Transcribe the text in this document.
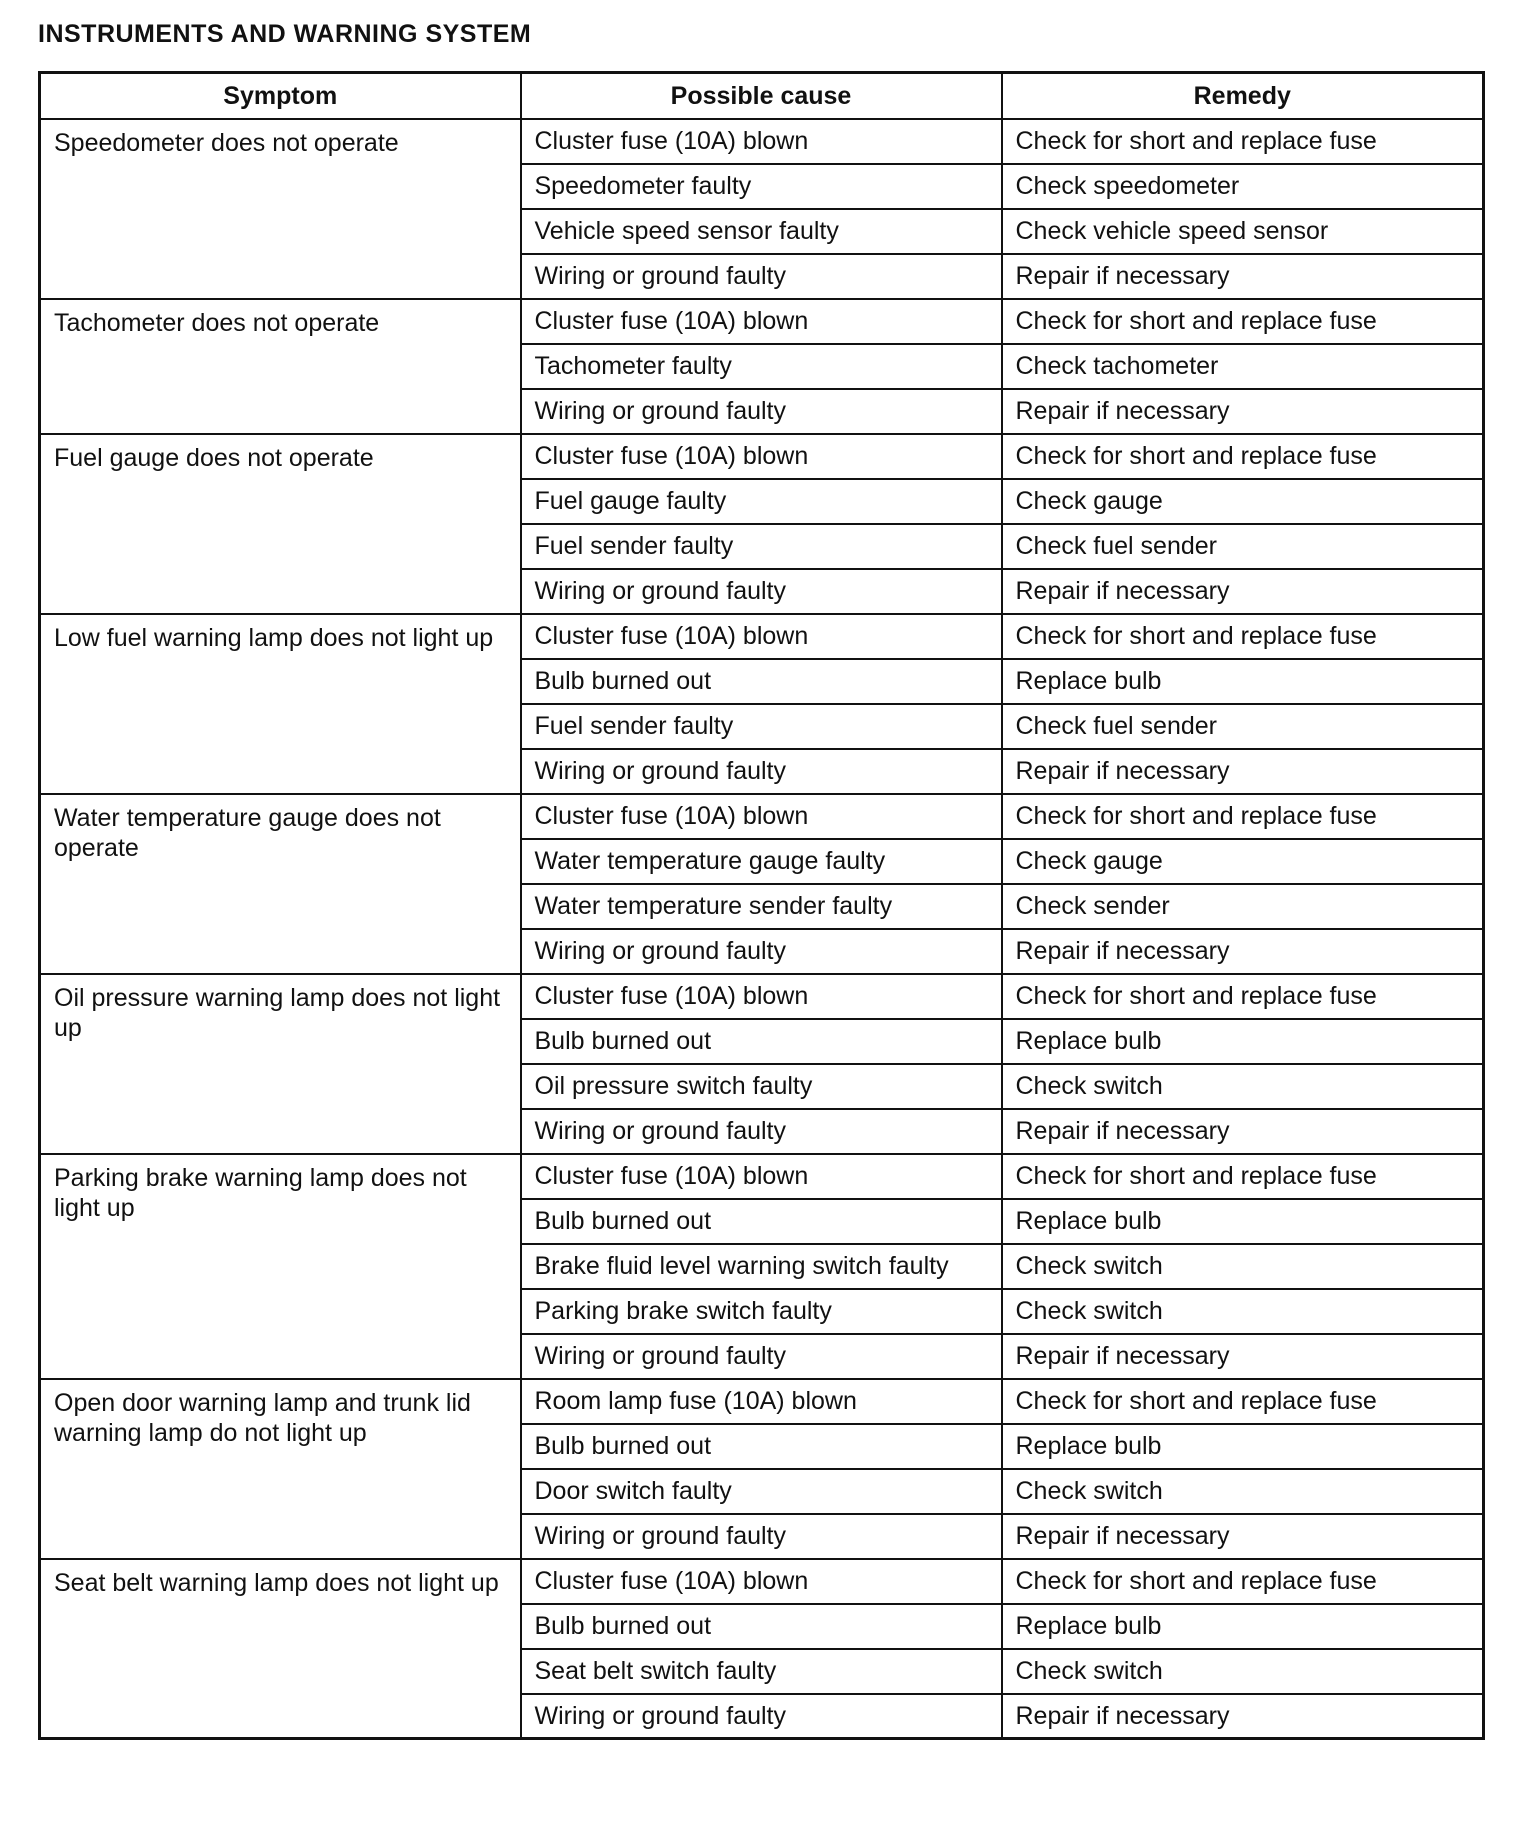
INSTRUMENTS AND WARNING SYSTEM
Symptom	Possible cause	Remedy
Speedometer does not operate	Cluster fuse (10A) blown	Check for short and replace fuse
	Speedometer faulty	Check speedometer
	Vehicle speed sensor faulty	Check vehicle speed sensor
	Wiring or ground faulty	Repair if necessary
Tachometer does not operate	Cluster fuse (10A) blown	Check for short and replace fuse
	Tachometer faulty	Check tachometer
	Wiring or ground faulty	Repair if necessary
Fuel gauge does not operate	Cluster fuse (10A) blown	Check for short and replace fuse
	Fuel gauge faulty	Check gauge
	Fuel sender faulty	Check fuel sender
	Wiring or ground faulty	Repair if necessary
Low fuel warning lamp does not light up	Cluster fuse (10A) blown	Check for short and replace fuse
	Bulb burned out	Replace bulb
	Fuel sender faulty	Check fuel sender
	Wiring or ground faulty	Repair if necessary
Water temperature gauge does not operate	Cluster fuse (10A) blown	Check for short and replace fuse
	Water temperature gauge faulty	Check gauge
	Water temperature sender faulty	Check sender
	Wiring or ground faulty	Repair if necessary
Oil pressure warning lamp does not light up	Cluster fuse (10A) blown	Check for short and replace fuse
	Bulb burned out	Replace bulb
	Oil pressure switch faulty	Check switch
	Wiring or ground faulty	Repair if necessary
Parking brake warning lamp does not light up	Cluster fuse (10A) blown	Check for short and replace fuse
	Bulb burned out	Replace bulb
	Brake fluid level warning switch faulty	Check switch
	Parking brake switch faulty	Check switch
	Wiring or ground faulty	Repair if necessary
Open door warning lamp and trunk lid warning lamp do not light up	Room lamp fuse (10A) blown	Check for short and replace fuse
	Bulb burned out	Replace bulb
	Door switch faulty	Check switch
	Wiring or ground faulty	Repair if necessary
Seat belt warning lamp does not light up	Cluster fuse (10A) blown	Check for short and replace fuse
	Bulb burned out	Replace bulb
	Seat belt switch faulty	Check switch
	Wiring or ground faulty	Repair if necessary
